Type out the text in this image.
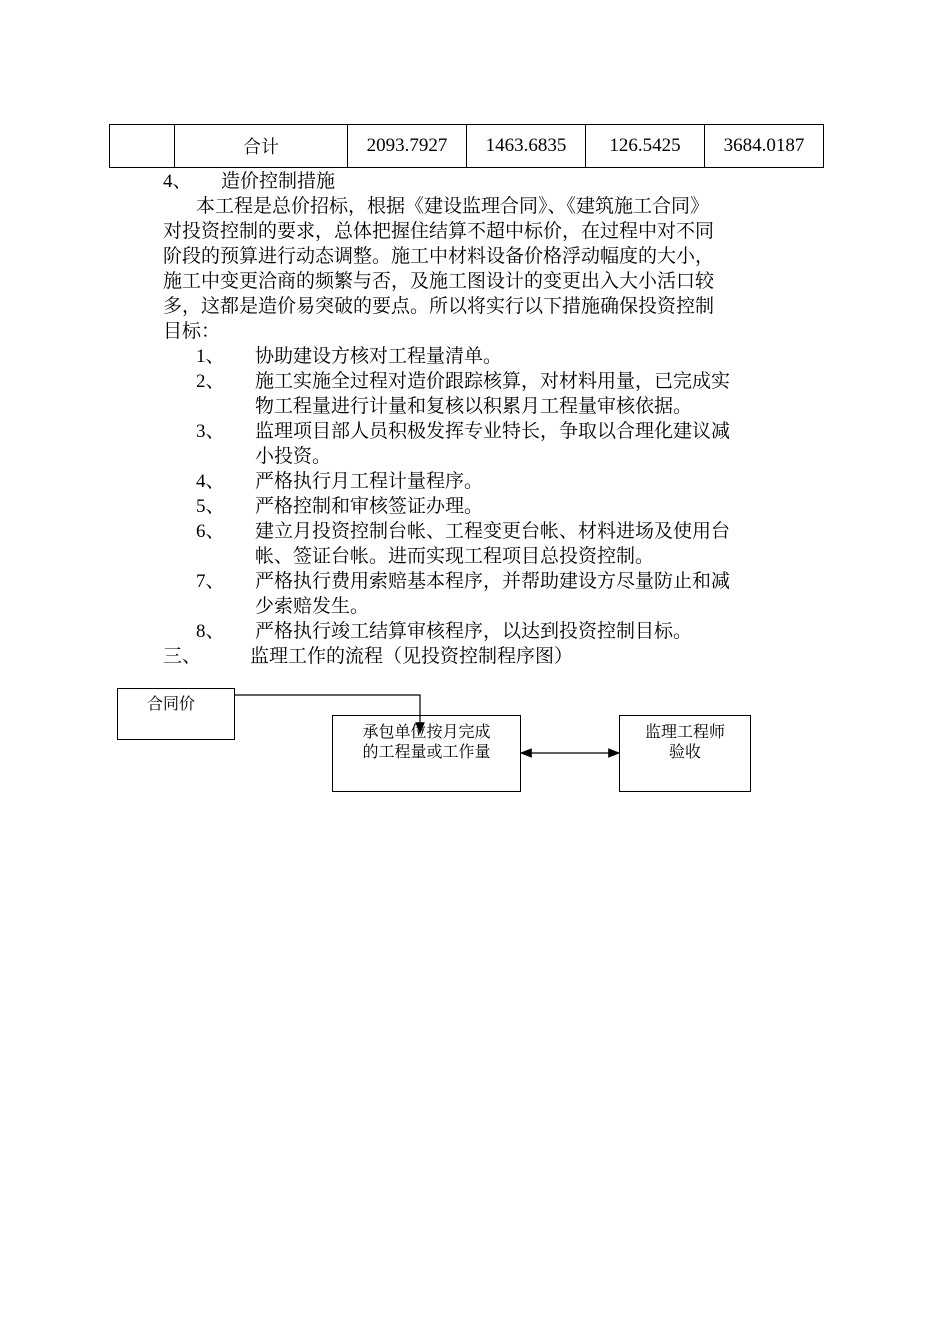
	合计	2093.7927	1463.6835	126.5425	3684.0187
4、 造价控制措施
本工程是总价招标，根据《建设监理合同》、《建筑施工合同》
对投资控制的要求，总体把握住结算不超中标价，在过程中对不同
阶段的预算进行动态调整。施工中材料设备价格浮动幅度的大小，
施工中变更洽商的频繁与否，及施工图设计的变更出入大小活口较
多，这都是造价易突破的要点。所以将实行以下措施确保投资控制
目标：
1、 协助建设方核对工程量清单。
2、 施工实施全过程对造价跟踪核算，对材料用量，已完成实
物工程量进行计量和复核以积累月工程量审核依据。
3、 监理项目部人员积极发挥专业特长，争取以合理化建议减
小投资。
4、 严格执行月工程计量程序。
5、 严格控制和审核签证办理。
6、 建立月投资控制台帐、工程变更台帐、材料进场及使用台
帐、签证台帐。进而实现工程项目总投资控制。
7、 严格执行费用索赔基本程序，并帮助建设方尽量防止和减
少索赔发生。
8、 严格执行竣工结算审核程序，以达到投资控制目标。
三、	监理工作的流程（见投资控制程序图）
合同价
承包单位按月完成
的工程量或工作量
监理工程师
验收
